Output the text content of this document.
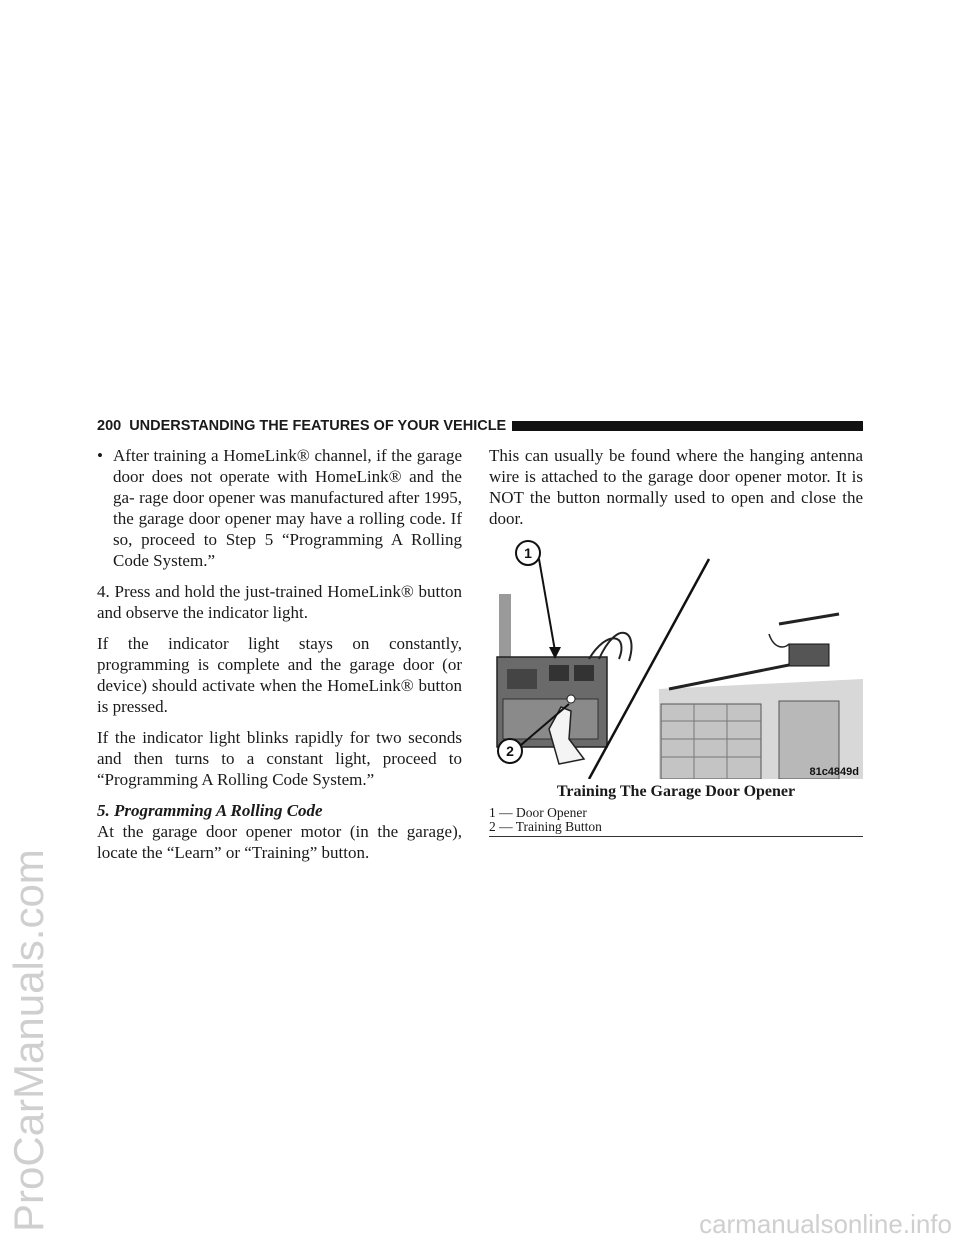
ProCarManuals.com	carmanualsonline.info
200 UNDERSTANDING THE FEATURES OF YOUR VEHICLE
• After training a HomeLink® channel, if the garage door does not operate with HomeLink® and the ga- rage door opener was manufactured after 1995, the garage door opener may have a rolling code. If so, proceed to Step 5 “Programming A Rolling Code System.”

4. Press and hold the just-trained HomeLink® button and observe the indicator light.

If the indicator light stays on constantly, programming is complete and the garage door (or device) should activate when the HomeLink® button is pressed.

If the indicator light blinks rapidly for two seconds and then turns to a constant light, proceed to “Programming A Rolling Code System.”

5. Programming A Rolling Code

At the garage door opener motor (in the garage), locate the “Learn” or “Training” button.

This can usually be found where the hanging antenna wire is attached to the garage door opener motor. It is NOT the button normally used to open and close the door.

1
2
81c4849d
Training The Garage Door Opener
1 — Door Opener
2 — Training Button
